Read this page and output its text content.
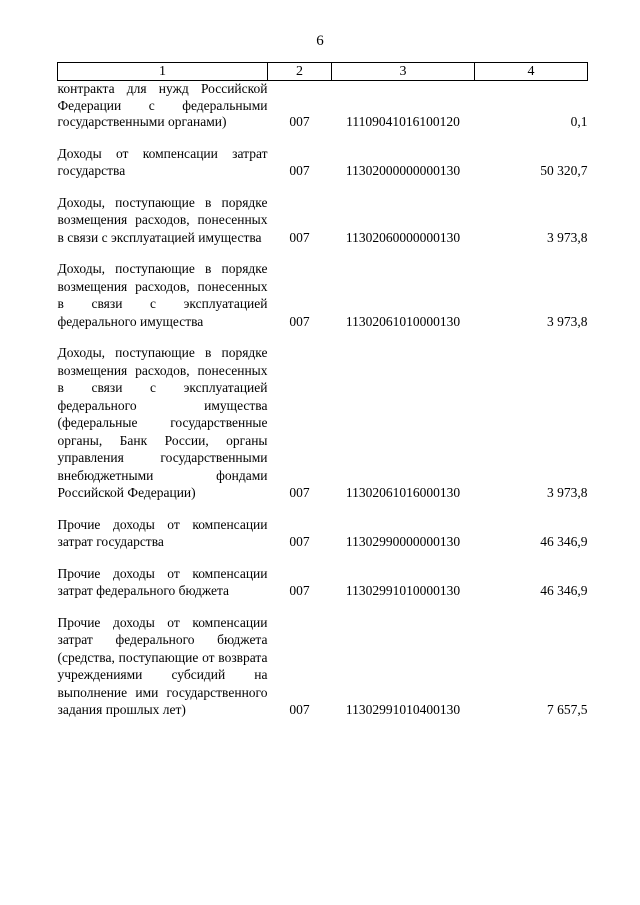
6
1	2	3	4
контракта для нужд Российской Федерации с федеральными государственными органами)	007	11109041016100120	0,1
Доходы от компенсации затрат государства	007	11302000000000130	50 320,7
Доходы, поступающие в порядке возмещения расходов, понесенных в связи с эксплуатацией имущества	007	11302060000000130	3 973,8
Доходы, поступающие в порядке возмещения расходов, понесенных в связи с эксплуатацией федерального имущества	007	11302061010000130	3 973,8
Доходы, поступающие в порядке возмещения расходов, понесенных в связи с эксплуатацией федерального имущества (федеральные государственные органы, Банк России, органы управления государственными внебюджетными фондами Российской Федерации)	007	11302061016000130	3 973,8
Прочие доходы от компенсации затрат государства	007	11302990000000130	46 346,9
Прочие доходы от компенсации затрат федерального бюджета	007	11302991010000130	46 346,9
Прочие доходы от компенсации затрат федерального бюджета (средства, поступающие от возврата учреждениями субсидий на выполнение ими государственного задания прошлых лет)	007	11302991010400130	7 657,5
